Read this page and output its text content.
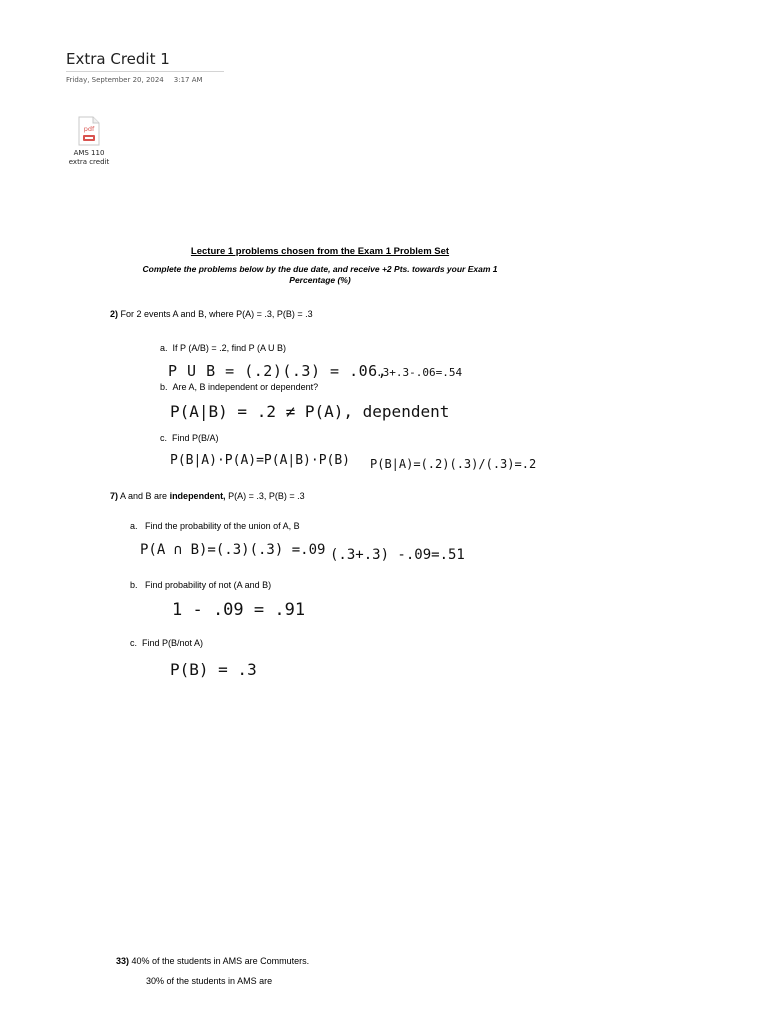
Extra Credit 1
Friday, September 20, 2024 3:17 AM
pdf
AMS 110
extra credit
Lecture 1 problems chosen from the Exam 1 Problem Set
Complete the problems below by the due date, and receive +2 Pts. towards your Exam 1
Percentage (%)
2) For 2 events A and B, where P(A) = .3, P(B) = .3
a. If P (A/B) = .2, find P (A U B)
P U B = (.2)(.3) = .06,
.3+.3-.06=.54
b. Are A, B independent or dependent?
P(A|B) = .2 ≠ P(A), dependent
c. Find P(B/A)
P(B|A)·P(A)=P(A|B)·P(B) P(B|A)=(.2)(.3)/(.3)=.2
7) A and B are independent, P(A) = .3, P(B) = .3
a. Find the probability of the union of A, B
P(A ∩ B)=(.3)(.3) =.09 (.3+.3) -.09=.51
b. Find probability of not (A and B)
1 - .09 = .91
c. Find P(B/not A)
P(B) = .3
33) 40% of the students in AMS are Commuters.
30% of the students in AMS are
